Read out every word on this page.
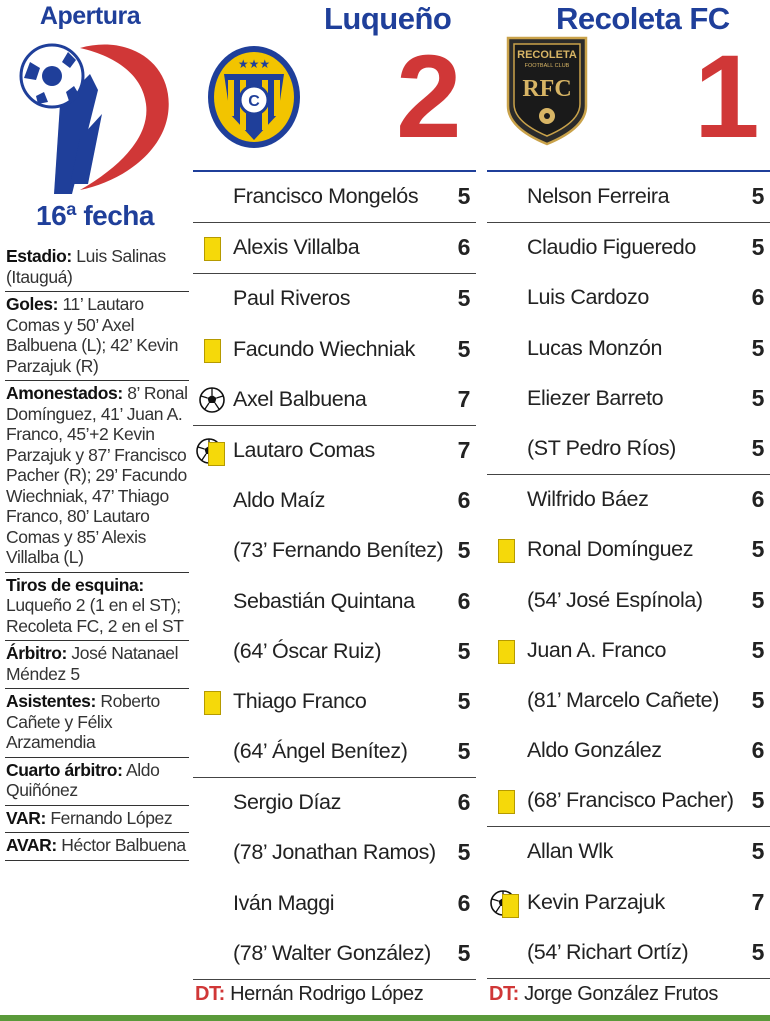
Apertura
16ª fecha
Estadio: Luis Salinas (Itauguá)
Goles: 11’ Lautaro Comas y 50’ Axel Balbuena (L); 42’ Kevin Parzajuk (R)
Amonestados: 8’ Ronal Domínguez, 41’ Juan A. Franco, 45’+2 Kevin Parzajuk y 87’ Francisco Pacher (R); 29’ Facundo Wiechniak, 47’ Thiago Franco, 80’ Lautaro Comas y 85’ Alexis Villalba (L)
Tiros de esquina: Luqueño 2 (1 en el ST); Recoleta FC, 2 en el ST
Árbitro: José Natanael Méndez 5
Asistentes: Roberto Cañete y Félix Arzamendia
Cuarto árbitro: Aldo Quiñónez
VAR: Fernando López
AVAR: Héctor Balbuena
Luqueño
C
★★★ 2
Recoleta FC
RECOLETA
FOOTBALL CLUB
RFC 1
Francisco Mongelós 5
Alexis Villalba	6
Paul Riveros	5
Facundo Wiechniak 5
Axel Balbuena	7
Lautaro Comas	7
Aldo Maíz	6
(73’ Fernando Benítez) 5
Sebastián Quintana 6
(64’ Óscar Ruiz)	5
Thiago Franco	5
(64’ Ángel Benítez) 5
Sergio Díaz	6
(78’ Jonathan Ramos) 5
Iván Maggi	6
(78’ Walter González) 5
Nelson Ferreira	5
Claudio Figueredo 5
Luis Cardozo	6
Lucas Monzón	5
Eliezer Barreto	5
(ST Pedro Ríos)	5
Wilfrido Báez	6
Ronal Domínguez	5
(54’ José Espínola) 5
Juan A. Franco	5
(81’ Marcelo Cañete) 5
Aldo González	6
(68’ Francisco Pacher) 5
Allan Wlk	5
Kevin Parzajuk	7
(54’ Richart Ortíz)	5
DT: Hernán Rodrigo López	DT: Jorge González Frutos
